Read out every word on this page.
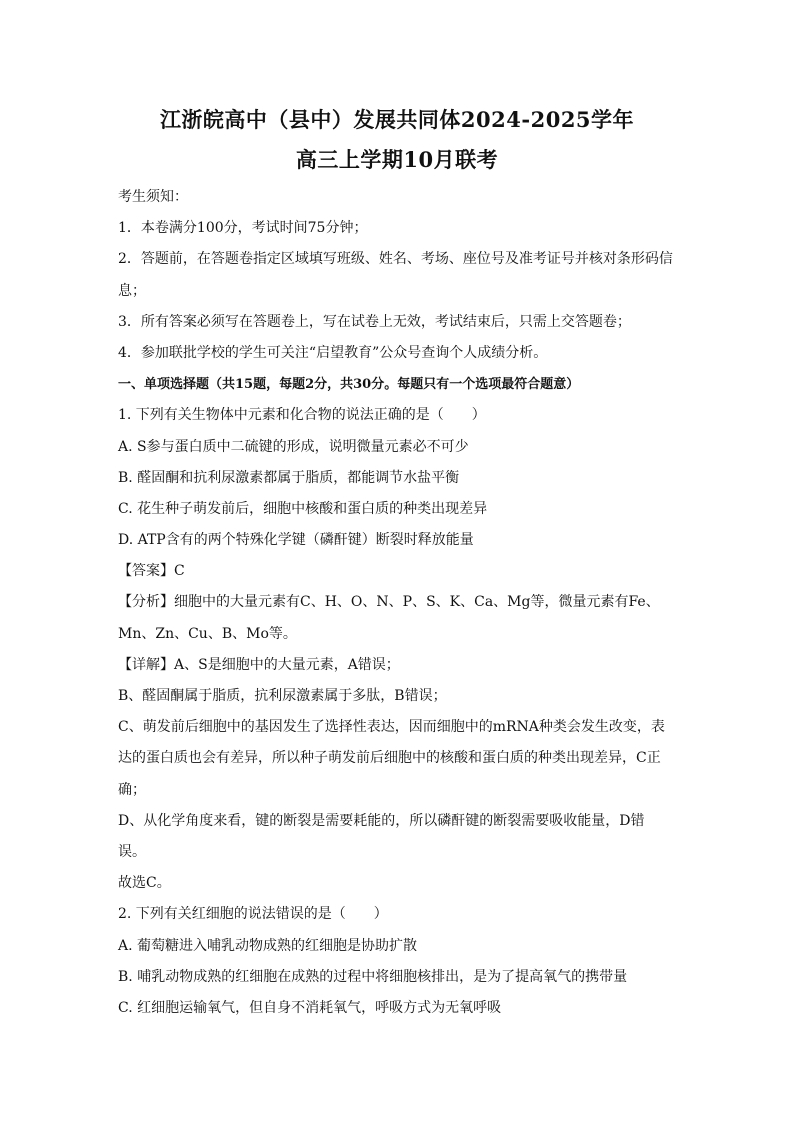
江浙皖高中（县中）发展共同体2024-2025学年
高三上学期10月联考
考生须知：
1．本卷满分100分，考试时间75分钟；
2．答题前，在答题卷指定区域填写班级、姓名、考场、座位号及准考证号并核对条形码信
息；
3．所有答案必须写在答题卷上，写在试卷上无效，考试结束后，只需上交答题卷；
4．参加联批学校的学生可关注“启望教育”公众号查询个人成绩分析。
一、单项选择题（共15题，每题2分，共30分。每题只有一个选项最符合题意）
1. 下列有关生物体中元素和化合物的说法正确的是（　　）
A. S参与蛋白质中二硫键的形成，说明微量元素必不可少
B. 醛固酮和抗利尿激素都属于脂质，都能调节水盐平衡
C. 花生种子萌发前后，细胞中核酸和蛋白质的种类出现差异
D. ATP含有的两个特殊化学键（磷酐键）断裂时释放能量
【答案】C
【分析】细胞中的大量元素有C、H、O、N、P、S、K、Ca、Mg等，微量元素有Fe、
Mn、Zn、Cu、B、Mo等。
【详解】A、S是细胞中的大量元素，A错误；
B、醛固酮属于脂质，抗利尿激素属于多肽，B错误；
C、萌发前后细胞中的基因发生了选择性表达，因而细胞中的mRNA种类会发生改变，表
达的蛋白质也会有差异，所以种子萌发前后细胞中的核酸和蛋白质的种类出现差异，C正
确；
D、从化学角度来看，键的断裂是需要耗能的，所以磷酐键的断裂需要吸收能量，D错
误。
故选C。
2. 下列有关红细胞的说法错误的是（　　）
A. 葡萄糖进入哺乳动物成熟的红细胞是协助扩散
B. 哺乳动物成熟的红细胞在成熟的过程中将细胞核排出，是为了提高氧气的携带量
C. 红细胞运输氧气，但自身不消耗氧气，呼吸方式为无氧呼吸
